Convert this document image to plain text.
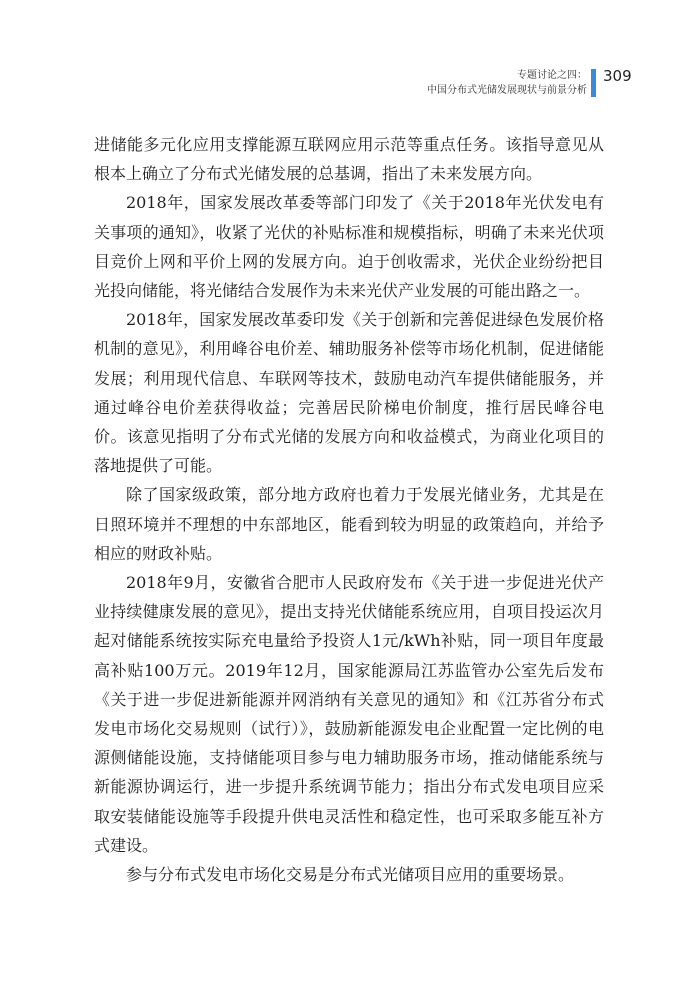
专题讨论之四：
中国分布式光储发展现状与前景分析
309

进储能多元化应用支撑能源互联网应用示范等重点任务。该指导意见从根本上确立了分布式光储发展的总基调，指出了未来发展方向。

2018年，国家发展改革委等部门印发了《关于2018年光伏发电有关事项的通知》，收紧了光伏的补贴标准和规模指标，明确了未来光伏项目竞价上网和平价上网的发展方向。迫于创收需求，光伏企业纷纷把目光投向储能，将光储结合发展作为未来光伏产业发展的可能出路之一。

2018年，国家发展改革委印发《关于创新和完善促进绿色发展价格机制的意见》，利用峰谷电价差、辅助服务补偿等市场化机制，促进储能发展；利用现代信息、车联网等技术，鼓励电动汽车提供储能服务，并通过峰谷电价差获得收益；完善居民阶梯电价制度，推行居民峰谷电价。该意见指明了分布式光储的发展方向和收益模式，为商业化项目的落地提供了可能。

除了国家级政策，部分地方政府也着力于发展光储业务，尤其是在日照环境并不理想的中东部地区，能看到较为明显的政策趋向，并给予相应的财政补贴。

2018年9月，安徽省合肥市人民政府发布《关于进一步促进光伏产业持续健康发展的意见》，提出支持光伏储能系统应用，自项目投运次月起对储能系统按实际充电量给予投资人1元/kWh补贴，同一项目年度最高补贴100万元。2019年12月，国家能源局江苏监管办公室先后发布《关于进一步促进新能源并网消纳有关意见的通知》和《江苏省分布式发电市场化交易规则（试行）》，鼓励新能源发电企业配置一定比例的电源侧储能设施，支持储能项目参与电力辅助服务市场，推动储能系统与新能源协调运行，进一步提升系统调节能力；指出分布式发电项目应采取安装储能设施等手段提升供电灵活性和稳定性，也可采取多能互补方式建设。

参与分布式发电市场化交易是分布式光储项目应用的重要场景。
